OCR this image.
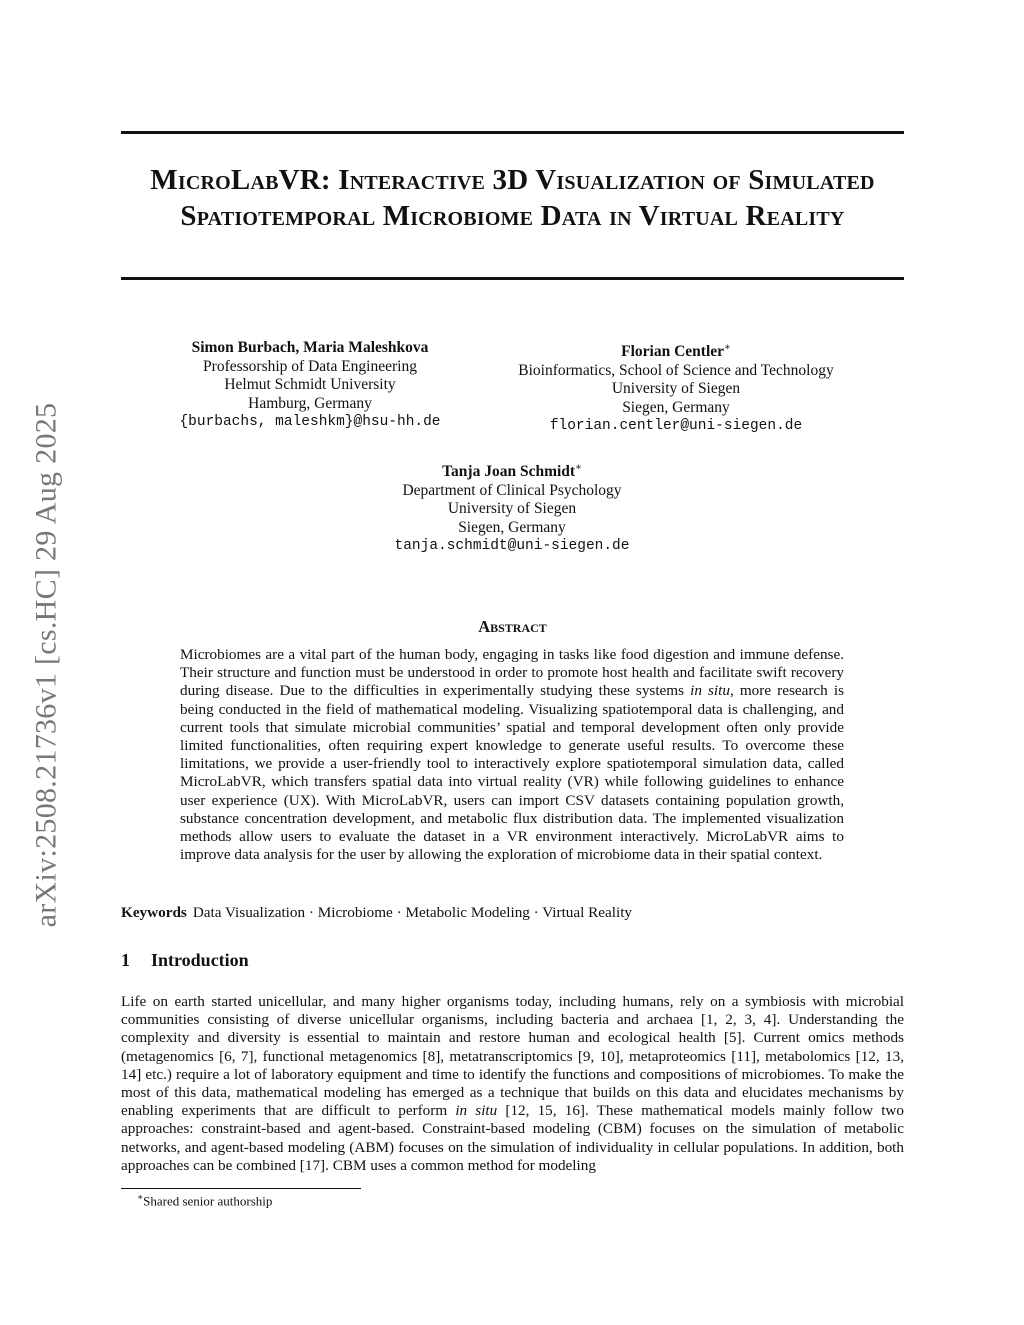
arXiv:2508.21736v1 [cs.HC] 29 Aug 2025
MicroLabVR: Interactive 3D Visualization of Simulated Spatiotemporal Microbiome Data in Virtual Reality
Simon Burbach, Maria Maleshkova
Professorship of Data Engineering
Helmut Schmidt University
Hamburg, Germany
{burbachs, maleshkm}@hsu-hh.de
Florian Centler∗
Bioinformatics, School of Science and Technology
University of Siegen
Siegen, Germany
florian.centler@uni-siegen.de
Tanja Joan Schmidt∗
Department of Clinical Psychology
University of Siegen
Siegen, Germany
tanja.schmidt@uni-siegen.de
Abstract

Microbiomes are a vital part of the human body, engaging in tasks like food digestion and immune defense. Their structure and function must be understood in order to promote host health and facilitate swift recovery during disease. Due to the difficulties in experimentally studying these systems in situ, more research is being conducted in the field of mathematical modeling. Visualizing spatiotemporal data is challenging, and current tools that simulate microbial communities’ spatial and temporal development often only provide limited functionalities, often requiring expert knowledge to generate useful results. To overcome these limitations, we provide a user-friendly tool to interactively explore spatiotemporal simulation data, called MicroLabVR, which transfers spatial data into virtual reality (VR) while following guidelines to enhance user experience (UX). With MicroLabVR, users can import CSV datasets containing population growth, substance concentration development, and metabolic flux distribution data. The implemented visualization methods allow users to evaluate the dataset in a VR environment interactively. MicroLabVR aims to improve data analysis for the user by allowing the exploration of microbiome data in their spatial context.

Keywords Data Visualization · Microbiome · Metabolic Modeling · Virtual Reality
1 Introduction

Life on earth started unicellular, and many higher organisms today, including humans, rely on a symbiosis with microbial communities consisting of diverse unicellular organisms, including bacteria and archaea [1, 2, 3, 4]. Understanding the complexity and diversity is essential to maintain and restore human and ecological health [5]. Current omics methods (metagenomics [6, 7], functional metagenomics [8], metatranscriptomics [9, 10], metaproteomics [11], metabolomics [12, 13, 14] etc.) require a lot of laboratory equipment and time to identify the functions and compositions of microbiomes. To make the most of this data, mathematical modeling has emerged as a technique that builds on this data and elucidates mechanisms by enabling experiments that are difficult to perform in situ [12, 15, 16]. These mathematical models mainly follow two approaches: constraint-based and agent-based. Constraint-based modeling (CBM) focuses on the simulation of metabolic networks, and agent-based modeling (ABM) focuses on the simulation of individuality in cellular populations. In addition, both approaches can be combined [17]. CBM uses a common method for modeling

∗Shared senior authorship
